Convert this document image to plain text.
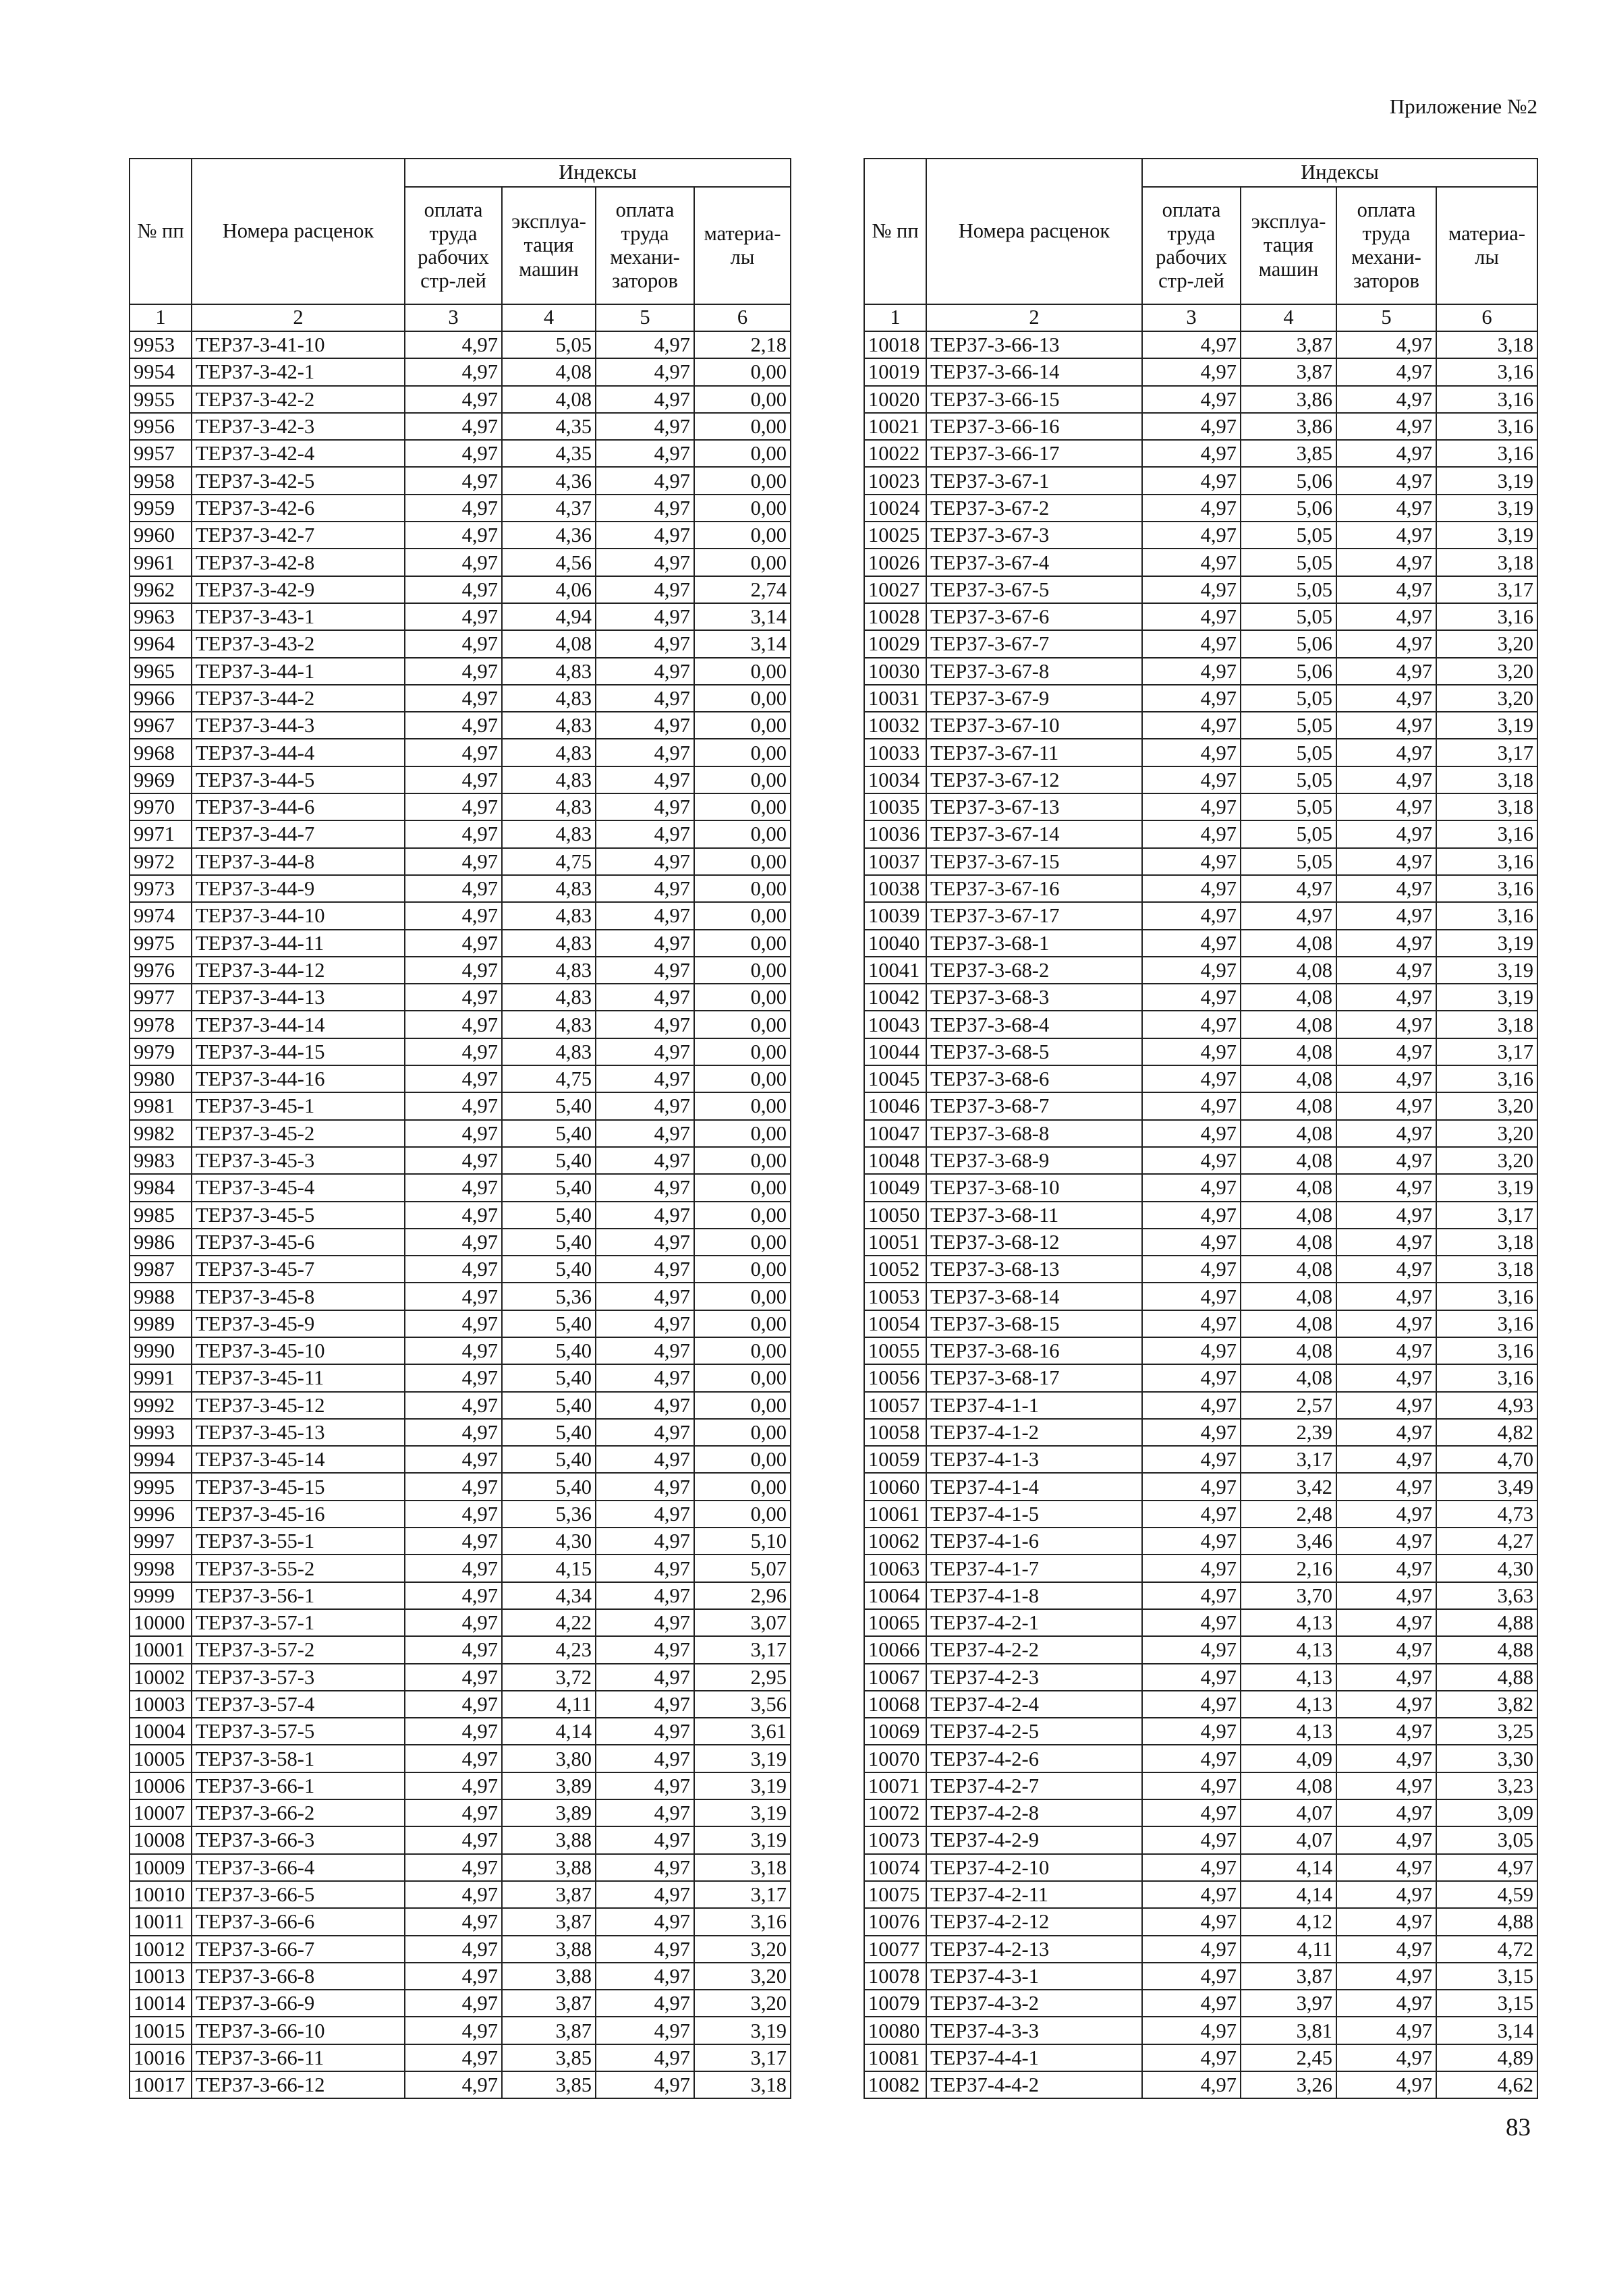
Приложение №2
№ пп	Номера расценок	Индексы			
		оплата труда рабочих стр-лей	эксплуа-тация машин	оплата труда механи-заторов	материа-лы
1	2	3	4	5	6
9953	ТЕР37-3-41-10	4,97	5,05	4,97	2,18
9954	ТЕР37-3-42-1	4,97	4,08	4,97	0,00
9955	ТЕР37-3-42-2	4,97	4,08	4,97	0,00
9956	ТЕР37-3-42-3	4,97	4,35	4,97	0,00
9957	ТЕР37-3-42-4	4,97	4,35	4,97	0,00
9958	ТЕР37-3-42-5	4,97	4,36	4,97	0,00
9959	ТЕР37-3-42-6	4,97	4,37	4,97	0,00
9960	ТЕР37-3-42-7	4,97	4,36	4,97	0,00
9961	ТЕР37-3-42-8	4,97	4,56	4,97	0,00
9962	ТЕР37-3-42-9	4,97	4,06	4,97	2,74
9963	ТЕР37-3-43-1	4,97	4,94	4,97	3,14
9964	ТЕР37-3-43-2	4,97	4,08	4,97	3,14
9965	ТЕР37-3-44-1	4,97	4,83	4,97	0,00
9966	ТЕР37-3-44-2	4,97	4,83	4,97	0,00
9967	ТЕР37-3-44-3	4,97	4,83	4,97	0,00
9968	ТЕР37-3-44-4	4,97	4,83	4,97	0,00
9969	ТЕР37-3-44-5	4,97	4,83	4,97	0,00
9970	ТЕР37-3-44-6	4,97	4,83	4,97	0,00
9971	ТЕР37-3-44-7	4,97	4,83	4,97	0,00
9972	ТЕР37-3-44-8	4,97	4,75	4,97	0,00
9973	ТЕР37-3-44-9	4,97	4,83	4,97	0,00
9974	ТЕР37-3-44-10	4,97	4,83	4,97	0,00
9975	ТЕР37-3-44-11	4,97	4,83	4,97	0,00
9976	ТЕР37-3-44-12	4,97	4,83	4,97	0,00
9977	ТЕР37-3-44-13	4,97	4,83	4,97	0,00
9978	ТЕР37-3-44-14	4,97	4,83	4,97	0,00
9979	ТЕР37-3-44-15	4,97	4,83	4,97	0,00
9980	ТЕР37-3-44-16	4,97	4,75	4,97	0,00
9981	ТЕР37-3-45-1	4,97	5,40	4,97	0,00
9982	ТЕР37-3-45-2	4,97	5,40	4,97	0,00
9983	ТЕР37-3-45-3	4,97	5,40	4,97	0,00
9984	ТЕР37-3-45-4	4,97	5,40	4,97	0,00
9985	ТЕР37-3-45-5	4,97	5,40	4,97	0,00
9986	ТЕР37-3-45-6	4,97	5,40	4,97	0,00
9987	ТЕР37-3-45-7	4,97	5,40	4,97	0,00
9988	ТЕР37-3-45-8	4,97	5,36	4,97	0,00
9989	ТЕР37-3-45-9	4,97	5,40	4,97	0,00
9990	ТЕР37-3-45-10	4,97	5,40	4,97	0,00
9991	ТЕР37-3-45-11	4,97	5,40	4,97	0,00
9992	ТЕР37-3-45-12	4,97	5,40	4,97	0,00
9993	ТЕР37-3-45-13	4,97	5,40	4,97	0,00
9994	ТЕР37-3-45-14	4,97	5,40	4,97	0,00
9995	ТЕР37-3-45-15	4,97	5,40	4,97	0,00
9996	ТЕР37-3-45-16	4,97	5,36	4,97	0,00
9997	ТЕР37-3-55-1	4,97	4,30	4,97	5,10
9998	ТЕР37-3-55-2	4,97	4,15	4,97	5,07
9999	ТЕР37-3-56-1	4,97	4,34	4,97	2,96
10000	ТЕР37-3-57-1	4,97	4,22	4,97	3,07
10001	ТЕР37-3-57-2	4,97	4,23	4,97	3,17
10002	ТЕР37-3-57-3	4,97	3,72	4,97	2,95
10003	ТЕР37-3-57-4	4,97	4,11	4,97	3,56
10004	ТЕР37-3-57-5	4,97	4,14	4,97	3,61
10005	ТЕР37-3-58-1	4,97	3,80	4,97	3,19
10006	ТЕР37-3-66-1	4,97	3,89	4,97	3,19
10007	ТЕР37-3-66-2	4,97	3,89	4,97	3,19
10008	ТЕР37-3-66-3	4,97	3,88	4,97	3,19
10009	ТЕР37-3-66-4	4,97	3,88	4,97	3,18
10010	ТЕР37-3-66-5	4,97	3,87	4,97	3,17
10011	ТЕР37-3-66-6	4,97	3,87	4,97	3,16
10012	ТЕР37-3-66-7	4,97	3,88	4,97	3,20
10013	ТЕР37-3-66-8	4,97	3,88	4,97	3,20
10014	ТЕР37-3-66-9	4,97	3,87	4,97	3,20
10015	ТЕР37-3-66-10	4,97	3,87	4,97	3,19
10016	ТЕР37-3-66-11	4,97	3,85	4,97	3,17
10017	ТЕР37-3-66-12	4,97	3,85	4,97	3,18
№ пп	Номера расценок	Индексы			
		оплата труда рабочих стр-лей	эксплуа-тация машин	оплата труда механи-заторов	материа-лы
1	2	3	4	5	6
10018	ТЕР37-3-66-13	4,97	3,87	4,97	3,18
10019	ТЕР37-3-66-14	4,97	3,87	4,97	3,16
10020	ТЕР37-3-66-15	4,97	3,86	4,97	3,16
10021	ТЕР37-3-66-16	4,97	3,86	4,97	3,16
10022	ТЕР37-3-66-17	4,97	3,85	4,97	3,16
10023	ТЕР37-3-67-1	4,97	5,06	4,97	3,19
10024	ТЕР37-3-67-2	4,97	5,06	4,97	3,19
10025	ТЕР37-3-67-3	4,97	5,05	4,97	3,19
10026	ТЕР37-3-67-4	4,97	5,05	4,97	3,18
10027	ТЕР37-3-67-5	4,97	5,05	4,97	3,17
10028	ТЕР37-3-67-6	4,97	5,05	4,97	3,16
10029	ТЕР37-3-67-7	4,97	5,06	4,97	3,20
10030	ТЕР37-3-67-8	4,97	5,06	4,97	3,20
10031	ТЕР37-3-67-9	4,97	5,05	4,97	3,20
10032	ТЕР37-3-67-10	4,97	5,05	4,97	3,19
10033	ТЕР37-3-67-11	4,97	5,05	4,97	3,17
10034	ТЕР37-3-67-12	4,97	5,05	4,97	3,18
10035	ТЕР37-3-67-13	4,97	5,05	4,97	3,18
10036	ТЕР37-3-67-14	4,97	5,05	4,97	3,16
10037	ТЕР37-3-67-15	4,97	5,05	4,97	3,16
10038	ТЕР37-3-67-16	4,97	4,97	4,97	3,16
10039	ТЕР37-3-67-17	4,97	4,97	4,97	3,16
10040	ТЕР37-3-68-1	4,97	4,08	4,97	3,19
10041	ТЕР37-3-68-2	4,97	4,08	4,97	3,19
10042	ТЕР37-3-68-3	4,97	4,08	4,97	3,19
10043	ТЕР37-3-68-4	4,97	4,08	4,97	3,18
10044	ТЕР37-3-68-5	4,97	4,08	4,97	3,17
10045	ТЕР37-3-68-6	4,97	4,08	4,97	3,16
10046	ТЕР37-3-68-7	4,97	4,08	4,97	3,20
10047	ТЕР37-3-68-8	4,97	4,08	4,97	3,20
10048	ТЕР37-3-68-9	4,97	4,08	4,97	3,20
10049	ТЕР37-3-68-10	4,97	4,08	4,97	3,19
10050	ТЕР37-3-68-11	4,97	4,08	4,97	3,17
10051	ТЕР37-3-68-12	4,97	4,08	4,97	3,18
10052	ТЕР37-3-68-13	4,97	4,08	4,97	3,18
10053	ТЕР37-3-68-14	4,97	4,08	4,97	3,16
10054	ТЕР37-3-68-15	4,97	4,08	4,97	3,16
10055	ТЕР37-3-68-16	4,97	4,08	4,97	3,16
10056	ТЕР37-3-68-17	4,97	4,08	4,97	3,16
10057	ТЕР37-4-1-1	4,97	2,57	4,97	4,93
10058	ТЕР37-4-1-2	4,97	2,39	4,97	4,82
10059	ТЕР37-4-1-3	4,97	3,17	4,97	4,70
10060	ТЕР37-4-1-4	4,97	3,42	4,97	3,49
10061	ТЕР37-4-1-5	4,97	2,48	4,97	4,73
10062	ТЕР37-4-1-6	4,97	3,46	4,97	4,27
10063	ТЕР37-4-1-7	4,97	2,16	4,97	4,30
10064	ТЕР37-4-1-8	4,97	3,70	4,97	3,63
10065	ТЕР37-4-2-1	4,97	4,13	4,97	4,88
10066	ТЕР37-4-2-2	4,97	4,13	4,97	4,88
10067	ТЕР37-4-2-3	4,97	4,13	4,97	4,88
10068	ТЕР37-4-2-4	4,97	4,13	4,97	3,82
10069	ТЕР37-4-2-5	4,97	4,13	4,97	3,25
10070	ТЕР37-4-2-6	4,97	4,09	4,97	3,30
10071	ТЕР37-4-2-7	4,97	4,08	4,97	3,23
10072	ТЕР37-4-2-8	4,97	4,07	4,97	3,09
10073	ТЕР37-4-2-9	4,97	4,07	4,97	3,05
10074	ТЕР37-4-2-10	4,97	4,14	4,97	4,97
10075	ТЕР37-4-2-11	4,97	4,14	4,97	4,59
10076	ТЕР37-4-2-12	4,97	4,12	4,97	4,88
10077	ТЕР37-4-2-13	4,97	4,11	4,97	4,72
10078	ТЕР37-4-3-1	4,97	3,87	4,97	3,15
10079	ТЕР37-4-3-2	4,97	3,97	4,97	3,15
10080	ТЕР37-4-3-3	4,97	3,81	4,97	3,14
10081	ТЕР37-4-4-1	4,97	2,45	4,97	4,89
10082	ТЕР37-4-4-2	4,97	3,26	4,97	4,62
83
